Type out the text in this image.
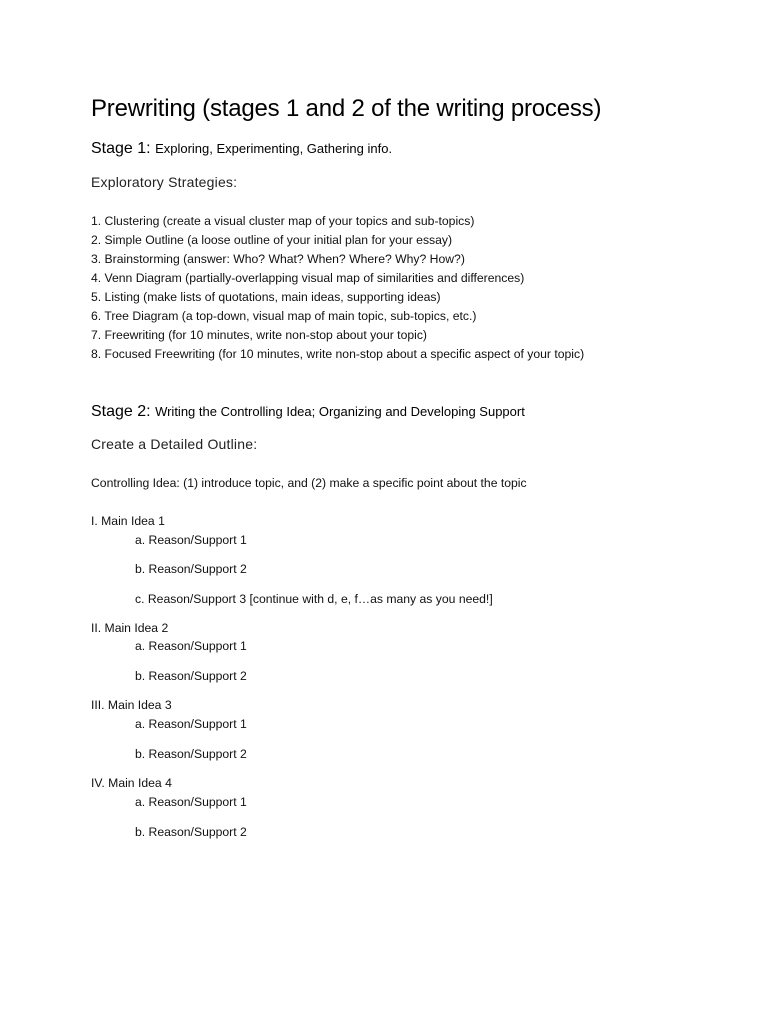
Prewriting (stages 1 and 2 of the writing process)
Stage 1: Exploring, Experimenting, Gathering info.
Exploratory Strategies:
1. Clustering (create a visual cluster map of your topics and sub-topics)
2. Simple Outline (a loose outline of your initial plan for your essay)
3. Brainstorming (answer: Who? What? When? Where? Why? How?)
4. Venn Diagram (partially-overlapping visual map of similarities and differences)
5. Listing (make lists of quotations, main ideas, supporting ideas)
6. Tree Diagram (a top-down, visual map of main topic, sub-topics, etc.)
7. Freewriting (for 10 minutes, write non-stop about your topic)
8. Focused Freewriting (for 10 minutes, write non-stop about a specific aspect of your topic)
Stage 2: Writing the Controlling Idea; Organizing and Developing Support
Create a Detailed Outline:
Controlling Idea: (1) introduce topic, and (2) make a specific point about the topic
I. Main Idea 1
a. Reason/Support 1
b. Reason/Support 2
c. Reason/Support 3 [continue with d, e, f…as many as you need!]
II. Main Idea 2
a. Reason/Support 1
b. Reason/Support 2
III. Main Idea 3
a. Reason/Support 1
b. Reason/Support 2
IV. Main Idea 4
a. Reason/Support 1
b. Reason/Support 2
